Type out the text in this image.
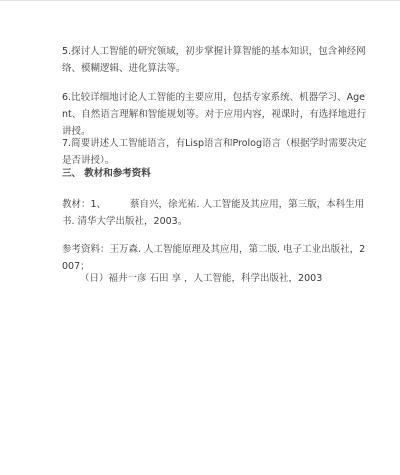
5.探讨人工智能的研究领域，初步掌握计算智能的基本知识，包含神经网络、模糊逻辑、进化算法等。

6.比较详细地讨论人工智能的主要应用，包括专家系统、机器学习、Agent、自然语言理解和智能规划等。对于应用内容，视课时，有选择地进行讲授。

7.简要讲述人工智能语言，有Lisp语言和Prolog语言（根据学时需要决定是否讲授）。

三、 教材和参考资料

教材：1、	蔡自兴，徐光祐. 人工智能及其应用，第三版，本科生用书. 清华大学出版社，2003。

参考资料：王万森. 人工智能原理及其应用，第二版. 电子工业出版社，2007；

（日）福井一彦 石田 享 ，人工智能，科学出版社，2003
